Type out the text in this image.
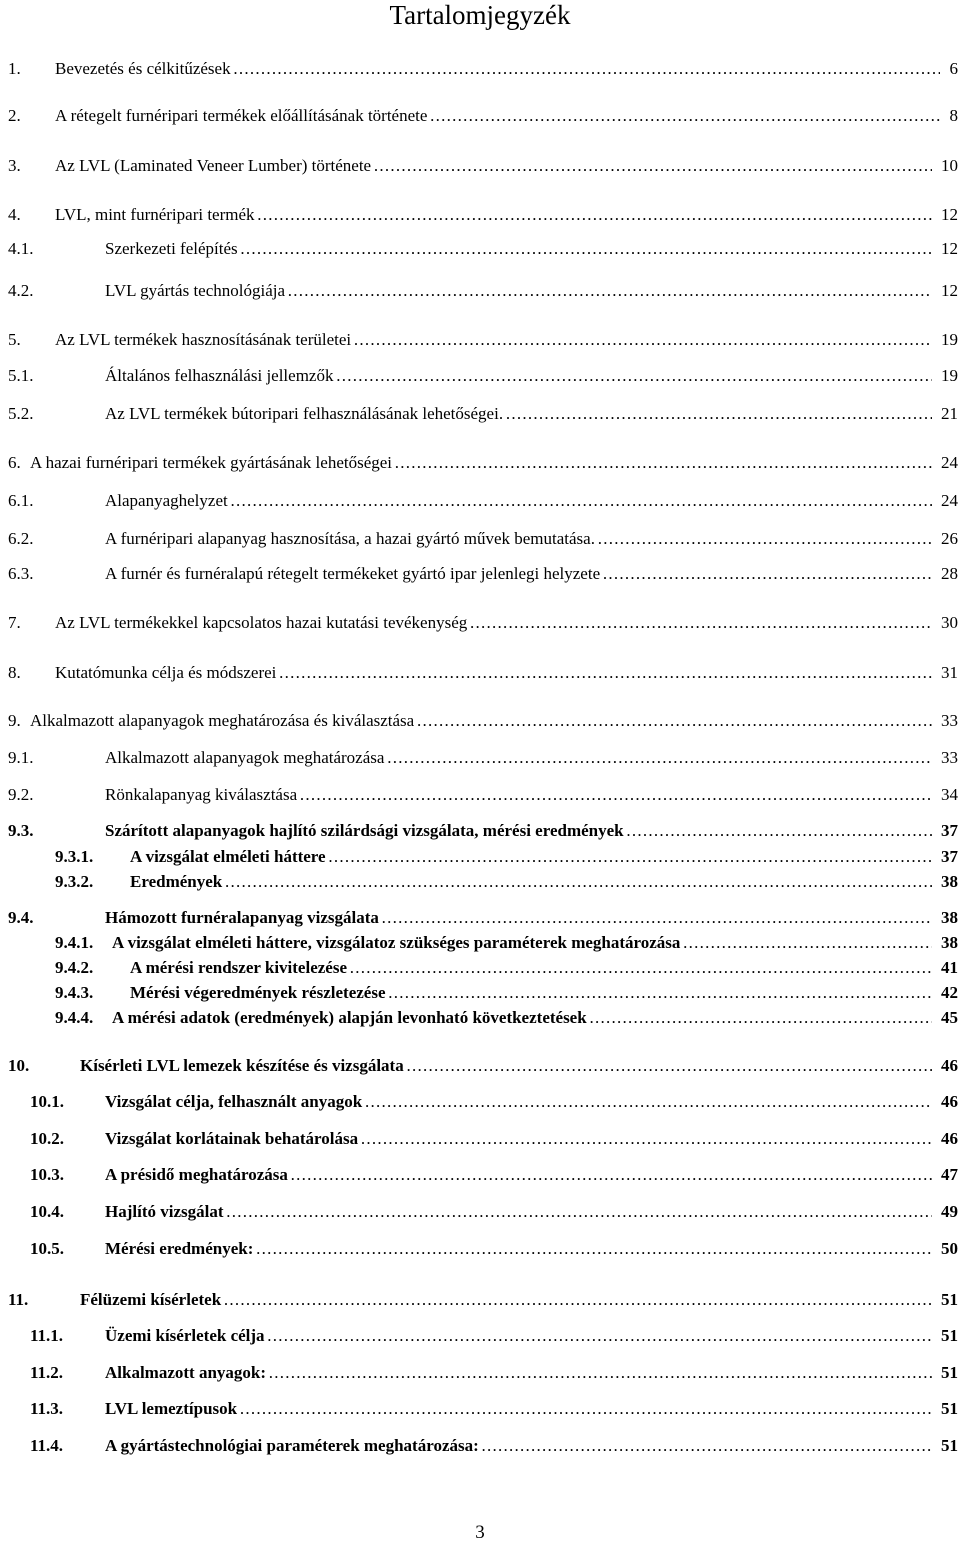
Tartalomjegyzék
1. Bevezetés és célkitűzések . . .	6
2. A rétegelt furnéripari termékek előállításának története . . .	8
3. Az LVL (Laminated Veneer Lumber) története . . .	10
4. LVL, mint furnéripari termék . . .	12
4.1.	Szerkezeti felépítés . . .	12
4.2.	LVL gyártás technológiája . . .	12
5. Az LVL termékek hasznosításának területei . . .	19
5.1.	Általános felhasználási jellemzők . . .	19
5.2.	Az LVL termékek bútoripari felhasználásának lehetőségei. . . .	21
6. A hazai furnéripari termékek gyártásának lehetőségei . . .	24
6.1.	Alapanyaghelyzet . . .	24
6.2.	A furnéripari alapanyag hasznosítása, a hazai gyártó művek bemutatása. . . .	26
6.3.	A furnér és furnéralapú rétegelt termékeket gyártó ipar jelenlegi helyzete . . .	28
7. Az LVL termékekkel kapcsolatos hazai kutatási tevékenység . . .	30
8. Kutatómunka célja és módszerei . . .	31
9. Alkalmazott alapanyagok meghatározása és kiválasztása . . .	33
9.1.	Alkalmazott alapanyagok meghatározása . . .	33
9.2.	Rönkalapanyag kiválasztása . . .	34
9.3.	Szárított alapanyagok hajlító szilárdsági vizsgálata, mérési eredmények . . .	37
9.3.1. A vizsgálat elméleti háttere . . .	37
9.3.2. Eredmények . . .	38
9.4.	Hámozott furnéralapanyag vizsgálata . . .	38
9.4.1. A vizsgálat elméleti háttere, vizsgálatoz szükséges paraméterek meghatározása . . .	38
9.4.2. A mérési rendszer kivitelezése . . .	41
9.4.3. Mérési végeredmények részletezése . . .	42
9.4.4. A mérési adatok (eredmények) alapján levonható következtetések . . .	45
10.	Kísérleti LVL lemezek készítése és vizsgálata . . .	46
10.1. Vizsgálat célja, felhasznált anyagok . . .	46
10.2. Vizsgálat korlátainak behatárolása . . .	46
10.3. A présidő meghatározása . . .	47
10.4. Hajlító vizsgálat . . .	49
10.5. Mérési eredmények: . . .	50
11.	Félüzemi kísérletek . . .	51
11.1. Üzemi kísérletek célja . . .	51
11.2. Alkalmazott anyagok: . . .	51
11.3. LVL lemeztípusok . . .	51
11.4. A gyártástechnológiai paraméterek meghatározása: . . .	51
3
